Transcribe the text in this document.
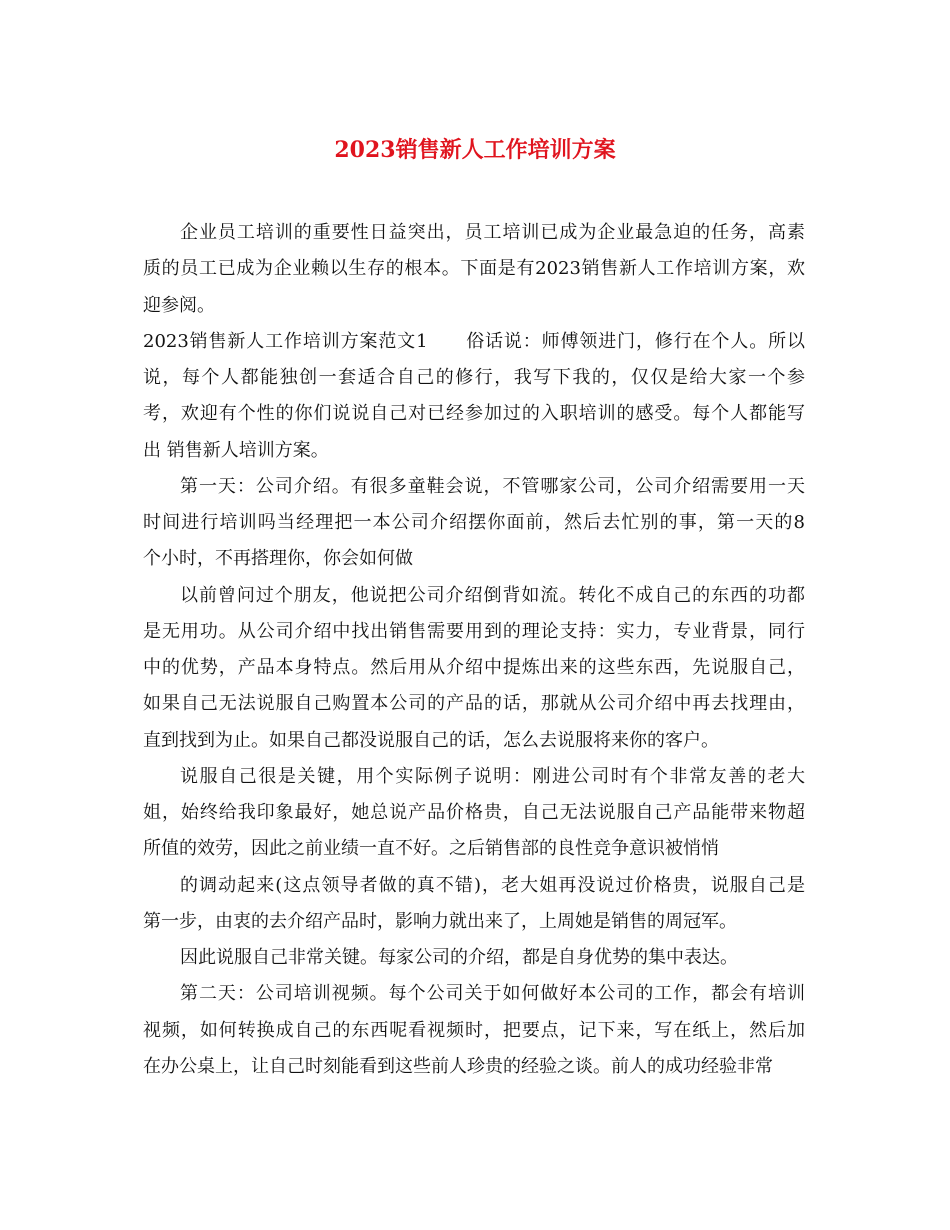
2023销售新人工作培训方案
企业员工培训的重要性日益突出，员工培训已成为企业最急迫的任务，高素
质的员工已成为企业赖以生存的根本。下面是有2023销售新人工作培训方案，欢
迎参阅。
2023销售新人工作培训方案范文1　　俗话说：师傅领进门，修行在个人。所以
说，每个人都能独创一套适合自己的修行，我写下我的，仅仅是给大家一个参
考，欢迎有个性的你们说说自己对已经参加过的入职培训的感受。每个人都能写
出 销售新人培训方案。
第一天：公司介绍。有很多童鞋会说，不管哪家公司，公司介绍需要用一天
时间进行培训吗当经理把一本公司介绍摆你面前，然后去忙别的事，第一天的8
个小时，不再搭理你，你会如何做
以前曾问过个朋友，他说把公司介绍倒背如流。转化不成自己的东西的功都
是无用功。从公司介绍中找出销售需要用到的理论支持：实力，专业背景，同行
中的优势，产品本身特点。然后用从介绍中提炼出来的这些东西，先说服自己，
如果自己无法说服自己购置本公司的产品的话，那就从公司介绍中再去找理由，
直到找到为止。如果自己都没说服自己的话，怎么去说服将来你的客户。
说服自己很是关键，用个实际例子说明：刚进公司时有个非常友善的老大
姐，始终给我印象最好，她总说产品价格贵，自己无法说服自己产品能带来物超
所值的效劳，因此之前业绩一直不好。之后销售部的良性竞争意识被悄悄
的调动起来(这点领导者做的真不错)，老大姐再没说过价格贵，说服自己是
第一步，由衷的去介绍产品时，影响力就出来了，上周她是销售的周冠军。
因此说服自己非常关键。每家公司的介绍，都是自身优势的集中表达。
第二天：公司培训视频。每个公司关于如何做好本公司的工作，都会有培训
视频，如何转换成自己的东西呢看视频时，把要点，记下来，写在纸上，然后加
在办公桌上，让自己时刻能看到这些前人珍贵的经验之谈。前人的成功经验非常
